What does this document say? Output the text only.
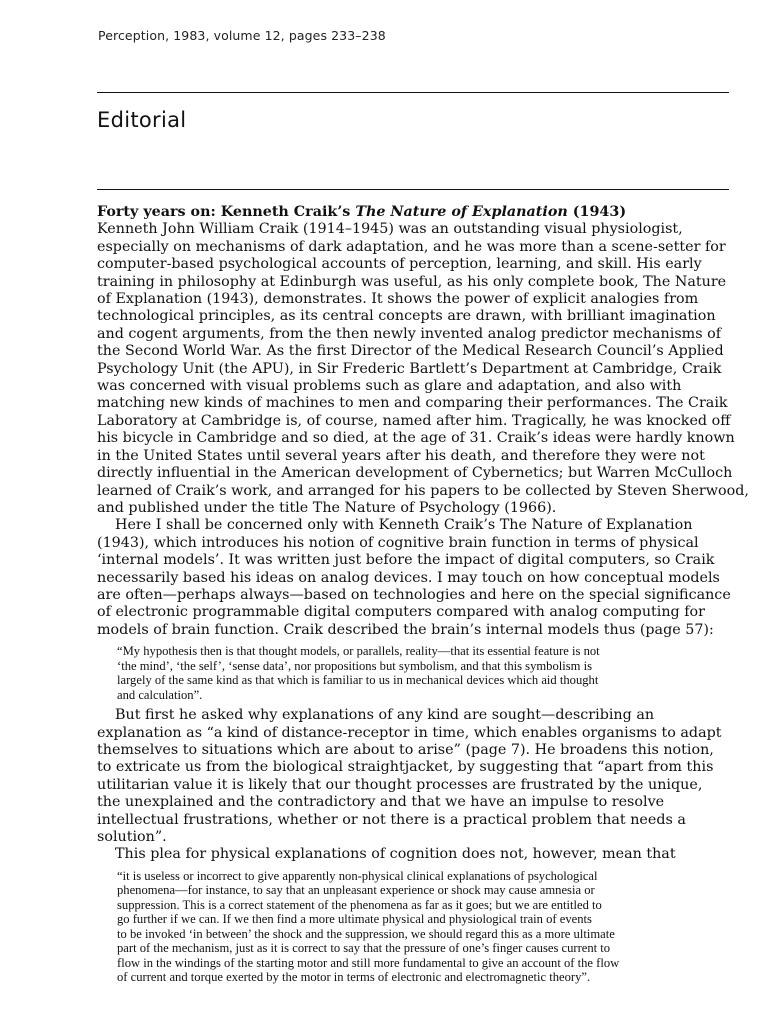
Perception, 1983, volume 12, pages 233–238
Editorial

Forty years on: Kenneth Craik’s The Nature of Explanation (1943)

Kenneth John William Craik (1914–1945) was an outstanding visual physiologist,
especially on mechanisms of dark adaptation, and he was more than a scene-setter for
computer-based psychological accounts of perception, learning, and skill. His early
training in philosophy at Edinburgh was useful, as his only complete book, The Nature
of Explanation (1943), demonstrates. It shows the power of explicit analogies from
technological principles, as its central concepts are drawn, with brilliant imagination
and cogent arguments, from the then newly invented analog predictor mechanisms of
the Second World War. As the first Director of the Medical Research Council’s Applied
Psychology Unit (the APU), in Sir Frederic Bartlett’s Department at Cambridge, Craik
was concerned with visual problems such as glare and adaptation, and also with
matching new kinds of machines to men and comparing their performances. The Craik
Laboratory at Cambridge is, of course, named after him. Tragically, he was knocked off
his bicycle in Cambridge and so died, at the age of 31. Craik’s ideas were hardly known
in the United States until several years after his death, and therefore they were not
directly influential in the American development of Cybernetics; but Warren McCulloch
learned of Craik’s work, and arranged for his papers to be collected by Steven Sherwood,
and published under the title The Nature of Psychology (1966).
Here I shall be concerned only with Kenneth Craik’s The Nature of Explanation
(1943), which introduces his notion of cognitive brain function in terms of physical
‘internal models’. It was written just before the impact of digital computers, so Craik
necessarily based his ideas on analog devices. I may touch on how conceptual models
are often—perhaps always—based on technologies and here on the special significance
of electronic programmable digital computers compared with analog computing for
models of brain function. Craik described the brain’s internal models thus (page 57):
“My hypothesis then is that thought models, or parallels, reality—that its essential feature is not
‘the mind’, ‘the self’, ‘sense data’, nor propositions but symbolism, and that this symbolism is
largely of the same kind as that which is familiar to us in mechanical devices which aid thought
and calculation”.
But first he asked why explanations of any kind are sought—describing an
explanation as “a kind of distance-receptor in time, which enables organisms to adapt
themselves to situations which are about to arise” (page 7). He broadens this notion,
to extricate us from the biological straightjacket, by suggesting that “apart from this
utilitarian value it is likely that our thought processes are frustrated by the unique,
the unexplained and the contradictory and that we have an impulse to resolve
intellectual frustrations, whether or not there is a practical problem that needs a
solution”.
This plea for physical explanations of cognition does not, however, mean that
“it is useless or incorrect to give apparently non-physical clinical explanations of psychological
phenomena—for instance, to say that an unpleasant experience or shock may cause amnesia or
suppression. This is a correct statement of the phenomena as far as it goes; but we are entitled to
go further if we can. If we then find a more ultimate physical and physiological train of events
to be invoked ‘in between’ the shock and the suppression, we should regard this as a more ultimate
part of the mechanism, just as it is correct to say that the pressure of one’s finger causes current to
flow in the windings of the starting motor and still more fundamental to give an account of the flow
of current and torque exerted by the motor in terms of electronic and electromagnetic theory”.
